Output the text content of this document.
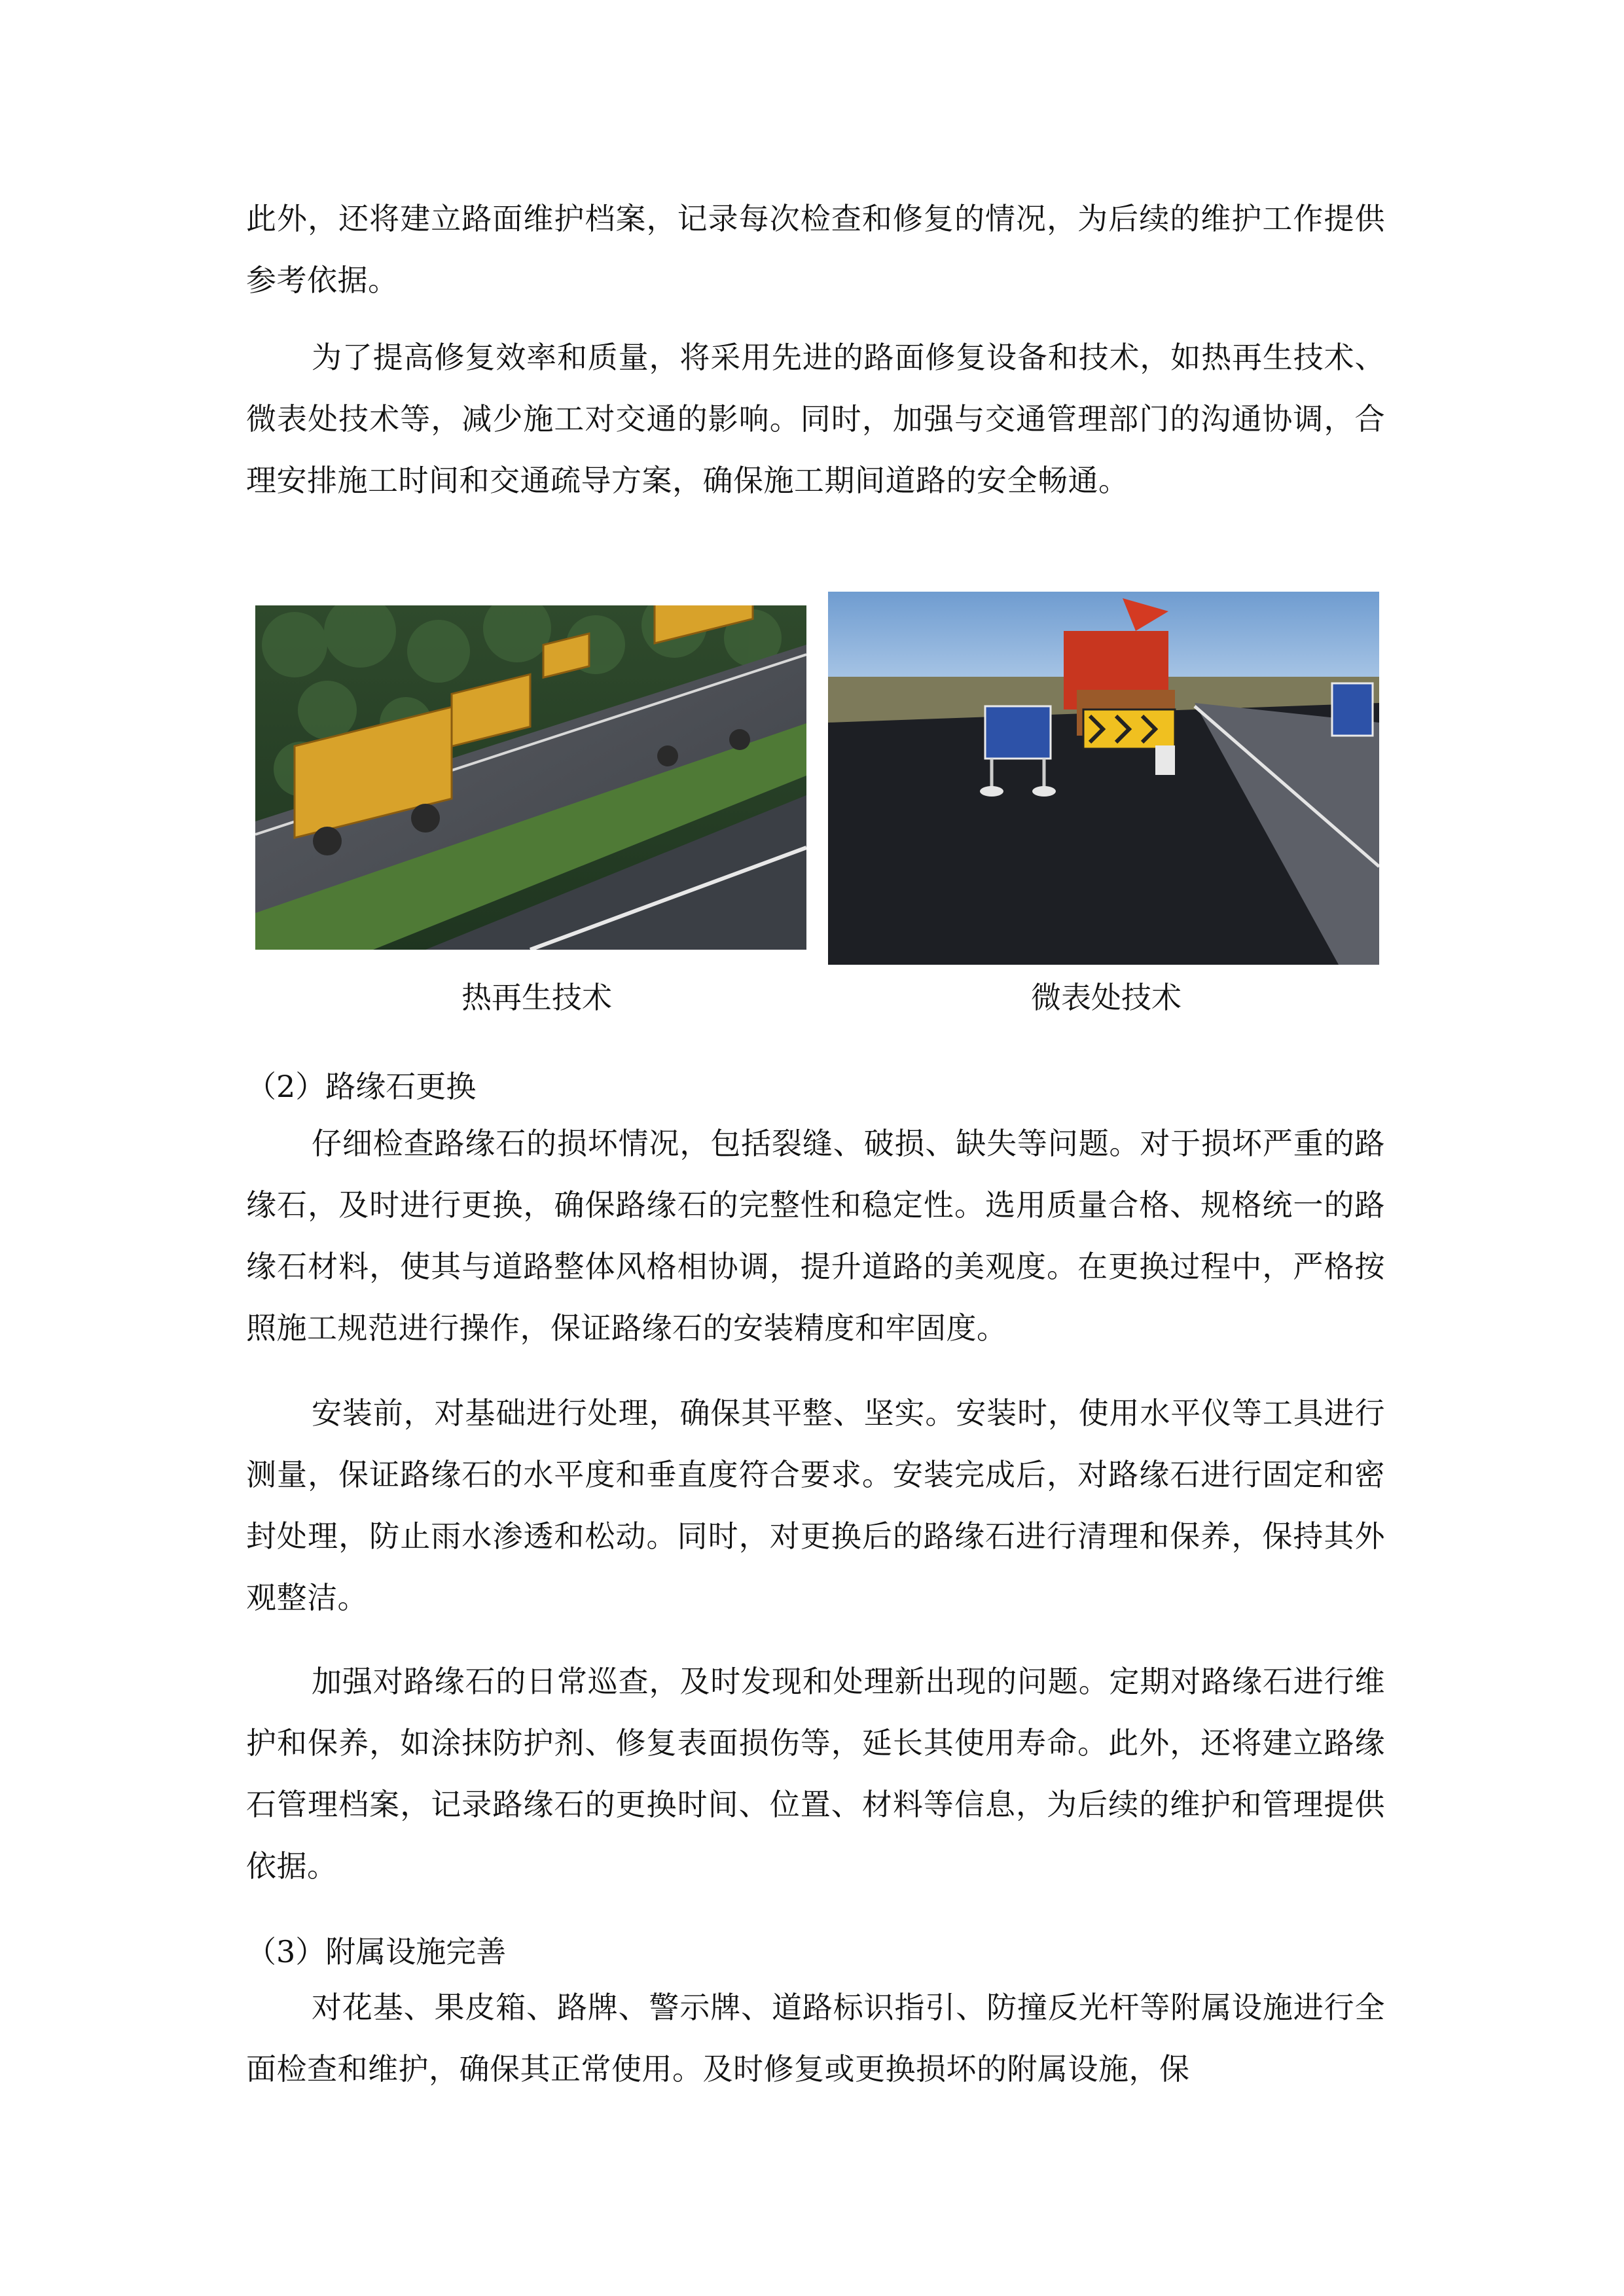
此外，还将建立路面维护档案，记录每次检查和修复的情况，为后续的维护工作提供参考依据。

为了提高修复效率和质量，将采用先进的路面修复设备和技术，如热再生技术、微表处技术等，减少施工对交通的影响。同时，加强与交通管理部门的沟通协调，合理安排施工时间和交通疏导方案，确保施工期间道路的安全畅通。

热再生技术	微表处技术

（2）路缘石更换

仔细检查路缘石的损坏情况，包括裂缝、破损、缺失等问题。对于损坏严重的路缘石，及时进行更换，确保路缘石的完整性和稳定性。选用质量合格、规格统一的路缘石材料，使其与道路整体风格相协调，提升道路的美观度。在更换过程中，严格按照施工规范进行操作，保证路缘石的安装精度和牢固度。

安装前，对基础进行处理，确保其平整、坚实。安装时，使用水平仪等工具进行测量，保证路缘石的水平度和垂直度符合要求。安装完成后，对路缘石进行固定和密封处理，防止雨水渗透和松动。同时，对更换后的路缘石进行清理和保养，保持其外观整洁。

加强对路缘石的日常巡查，及时发现和处理新出现的问题。定期对路缘石进行维护和保养，如涂抹防护剂、修复表面损伤等，延长其使用寿命。此外，还将建立路缘石管理档案，记录路缘石的更换时间、位置、材料等信息，为后续的维护和管理提供依据。

（3）附属设施完善

对花基、果皮箱、路牌、警示牌、道路标识指引、防撞反光杆等附属设施进行全面检查和维护，确保其正常使用。及时修复或更换损坏的附属设施，保
